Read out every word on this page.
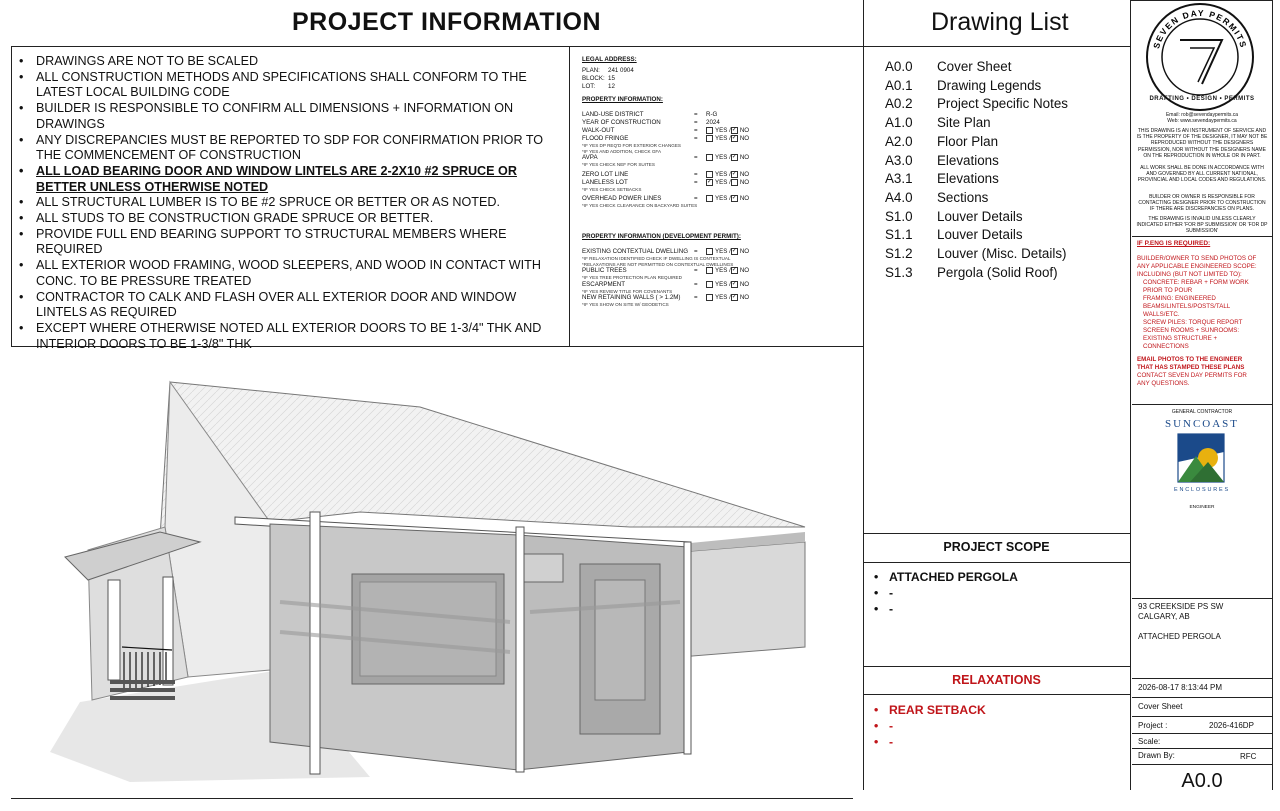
PROJECT INFORMATION	Drawing List
• DRAWINGS ARE NOT TO BE SCALED
• ALL CONSTRUCTION METHODS AND SPECIFICATIONS SHALL CONFORM TO THE LATEST LOCAL BUILDING CODE
• BUILDER IS RESPONSIBLE TO CONFIRM ALL DIMENSIONS + INFORMATION ON DRAWINGS
• ANY DISCREPANCIES MUST BE REPORTED TO SDP FOR CONFIRMATION PRIOR TO THE COMMENCEMENT OF CONSTRUCTION
• ALL LOAD BEARING DOOR AND WINDOW LINTELS ARE 2-2X10 #2 SPRUCE OR BETTER UNLESS OTHERWISE NOTED
• ALL STRUCTURAL LUMBER IS TO BE #2 SPRUCE OR BETTER OR AS NOTED.
• ALL STUDS TO BE CONSTRUCTION GRADE SPRUCE OR BETTER.
• PROVIDE FULL END BEARING SUPPORT TO STRUCTURAL MEMBERS WHERE REQUIRED
• ALL EXTERIOR WOOD FRAMING, WOOD SLEEPERS, AND WOOD IN CONTACT WITH CONC. TO BE PRESSURE TREATED
• CONTRACTOR TO CALK AND FLASH OVER ALL EXTERIOR DOOR AND WINDOW LINTELS AS REQUIRED
• EXCEPT WHERE OTHERWISE NOTED ALL EXTERIOR DOORS TO BE 1-3/4" THK AND INTERIOR DOORS TO BE 1-3/8" THK
LEGAL ADDRESS:
PLAN:	241 0904
BLOCK: 15
LOT:	12
PROPERTY INFORMATION:
LAND-USE DISTRICT	=	R-G
YEAR OF CONSTRUCTION	=	2024
WALK-OUT	=	YES / ✓ NO
FLOOD FRINGE	=	YES / ✓ NO
*IF YES DP REQ'D FOR EXTERIOR CHANGES
*IF YES AND ADDITION, CHECK GFA
AVPA	=	YES / ✓ NO
*IF YES CHECK NEF FOR SUITES
ZERO LOT LINE	=	YES / ✓ NO
LANELESS LOT	=	✓ YES / NO
*IF YES CHECK SETBACKS
OVERHEAD POWER LINES	=	YES / ✓ NO
*IF YES CHECK CLEARANCE ON BACKYARD SUITES
PROPERTY INFORMATION (DEVELOPMENT PERMIT):
EXISTING CONTEXTUAL DWELLING =	YES / ✓ NO
*IF RELAXATION IDENTIFIED CHECK IF DWELLING IS CONTEXTUAL
*RELAXATIONS ARE NOT PERMITTED ON CONTEXTUAL DWELLINGS
PUBLIC TREES	=	YES / ✓ NO
*IF YES TREE PROTECTION PLAN REQUIRED
ESCARPMENT	=	YES / ✓ NO
*IF YES REVIEW TITLE FOR COVENANTS
NEW RETAINING WALLS ( > 1.2M)	=	YES / ✓ NO
*IF YES SHOW ON SITE W/ GEODETICS
A0.0	Cover Sheet
A0.1	Drawing Legends
A0.2	Project Specific Notes
A1.0	Site Plan
A2.0	Floor Plan
A3.0	Elevations
A3.1	Elevations
A4.0	Sections
S1.0	Louver Details
S1.1	Louver Details
S1.2	Louver (Misc. Details)
S1.3	Pergola (Solid Roof)
PROJECT SCOPE
• ATTACHED PERGOLA
• -
• -
RELAXATIONS
• REAR SETBACK
• -
• -
SEVEN DAY PERMITS
DRAFTING • DESIGN • PERMITS
Email: rob@sevendaypermits.ca
Web: www.sevendaypermits.ca
THIS DRAWING IS AN INSTRUMENT OF SERVICE AND IS THE PROPERTY OF THE DESIGNER, IT MAY NOT BE REPRODUCED WITHOUT THE DESIGNERS PERMISSION, NOR WITHOUT THE DESIGNERS NAME ON THE REPRODUCTION IN WHOLE OR IN PART.
ALL WORK SHALL BE DONE IN ACCORDANCE WITH AND GOVERNED BY ALL CURRENT NATIONAL, PROVINCIAL AND LOCAL CODES AND REGULATIONS.
BUILDER OR OWNER IS RESPONSIBLE FOR CONTACTING DESIGNER PRIOR TO CONSTRUCTION IF THERE ARE DISCREPANCIES ON PLANS.
THE DRAWING IS INVALID UNLESS CLEARLY INDICATED EITHER 'FOR BP SUBMISSION' OR 'FOR DP SUBMISSION'
IF P.ENG IS REQUIRED:
BUILDER/OWNER TO SEND PHOTOS OF ANY APPLICABLE ENGINEERED SCOPE: INCLUDING (BUT NOT LIMITED TO):
CONCRETE: REBAR + FORM WORK PRIOR TO POUR
FRAMING: ENGINEERED BEAMS/LINTELS/POSTS/TALL WALLS/ETC.
SCREW PILES: TORQUE REPORT
SCREEN ROOMS + SUNROOMS: EXISTING STRUCTURE + CONNECTIONS
EMAIL PHOTOS TO THE ENGINEER THAT HAS STAMPED THESE PLANS
CONTACT SEVEN DAY PERMITS FOR ANY QUESTIONS.
GENERAL CONTRACTOR
SUNCOAST
ENCLOSURES
ENGINEER
93 CREEKSIDE PS SW
CALGARY, AB
ATTACHED PERGOLA
2026-08-17 8:13:44 PM
Cover Sheet
Project :	2026-416DP
Scale:
Drawn By:	RFC
A0.0
